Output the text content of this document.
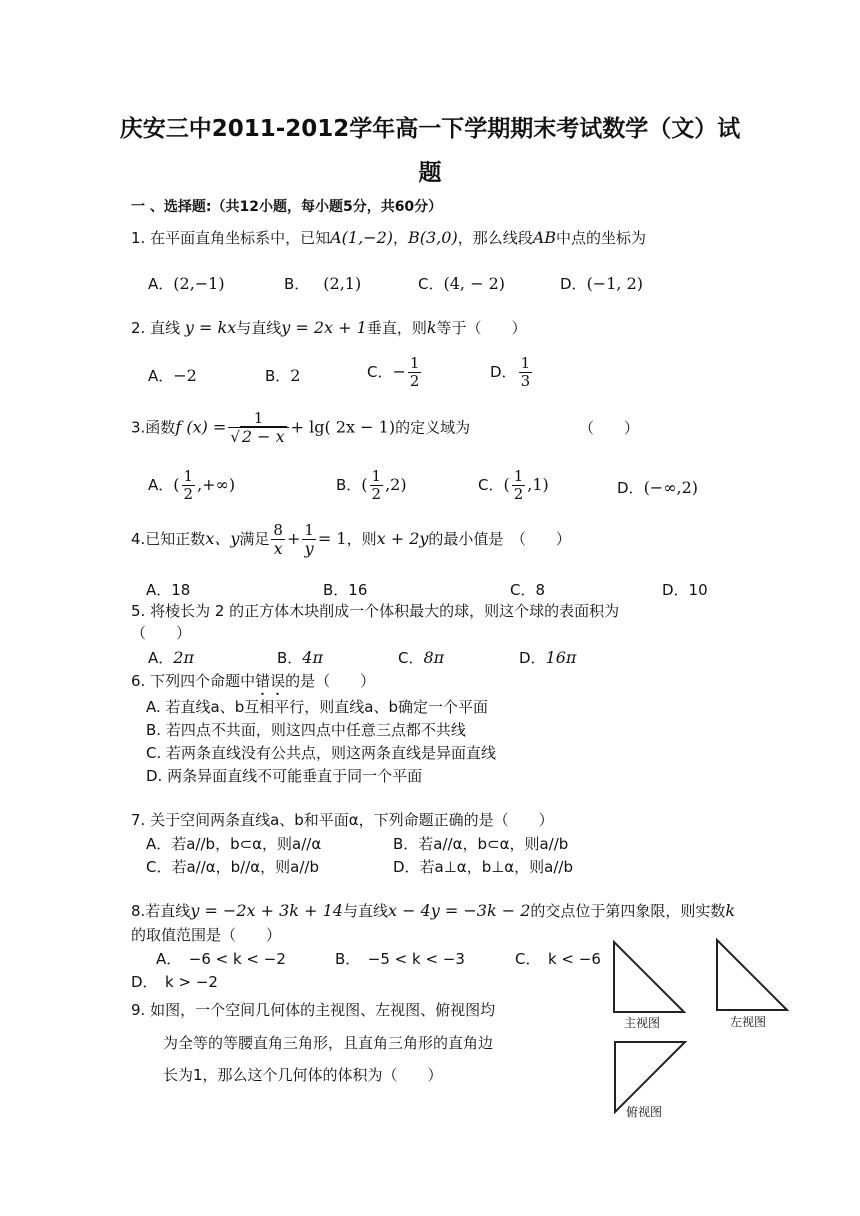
庆安三中2011-2012学年高一下学期期末考试数学（文）试
题
一 、选择题:（共12小题，每小题5分，共60分）
1. 在平面直角坐标系中，已知A(1,−2)，B(3,0)，那么线段AB中点的坐标为
A．(2,−1)	B． (2,1)	C．(4, − 2)	D．(−1, 2)
2. 直线 y = kx与直线y = 2x + 1垂直，则k等于（　　）
A．−2	B．2	C．− $\frac{1}{2}$	D． $\frac{1}{3}$
3.函数f $(x) = \frac{1}{√ 2 - x} + \lg$( 2x − 1)的定义域为	（　　）
A．( $\frac{1}{2}$ ,+∞)	B．( $\frac{1}{2} ,2$)	C．( $\frac{1}{2} ,1$)	D．(−∞,2)
4.已知正数x、y满足 $\frac{8}{x} + \frac{1}{y} = 1$，则x + 2y的最小值是　（　　）
A．18	B．16	C．8	D．10
5. 将棱长为 2 的正方体木块削成一个体积最大的球，则这个球的表面积为
（　　）
A．2π	B．4π	C．8π	D．16π
6. 下列四个命题中错误的是（　　）
A. 若直线a、b互相平行，则直线a、b确定一个平面
B. 若四点不共面，则这四点中任意三点都不共线
C. 若两条直线没有公共点，则这两条直线是异面直线
D. 两条异面直线不可能垂直于同一个平面
7. 关于空间两条直线a、b和平面α，下列命题正确的是（　　）
A．若a//b，b⊂α，则a//α	B．若a//α，b⊂α，则a//b
C．若a//α，b//α，则a//b	D．若a⊥α，b⊥α，则a//b
8.若直线y = −2x + 3k + 14与直线x − 4y = −3k − 2的交点位于第四象限，则实数k
的取值范围是（　　）
A．　−6 < k < −2	B．　−5 < k < −3	C．　k < −6
D．　k > −2
9. 如图，一个空间几何体的主视图、左视图、俯视图均
为全等的等腰直角三角形，且直角三角形的直角边
长为1，那么这个几何体的体积为（　　）
主视图	左视图
俯视图
